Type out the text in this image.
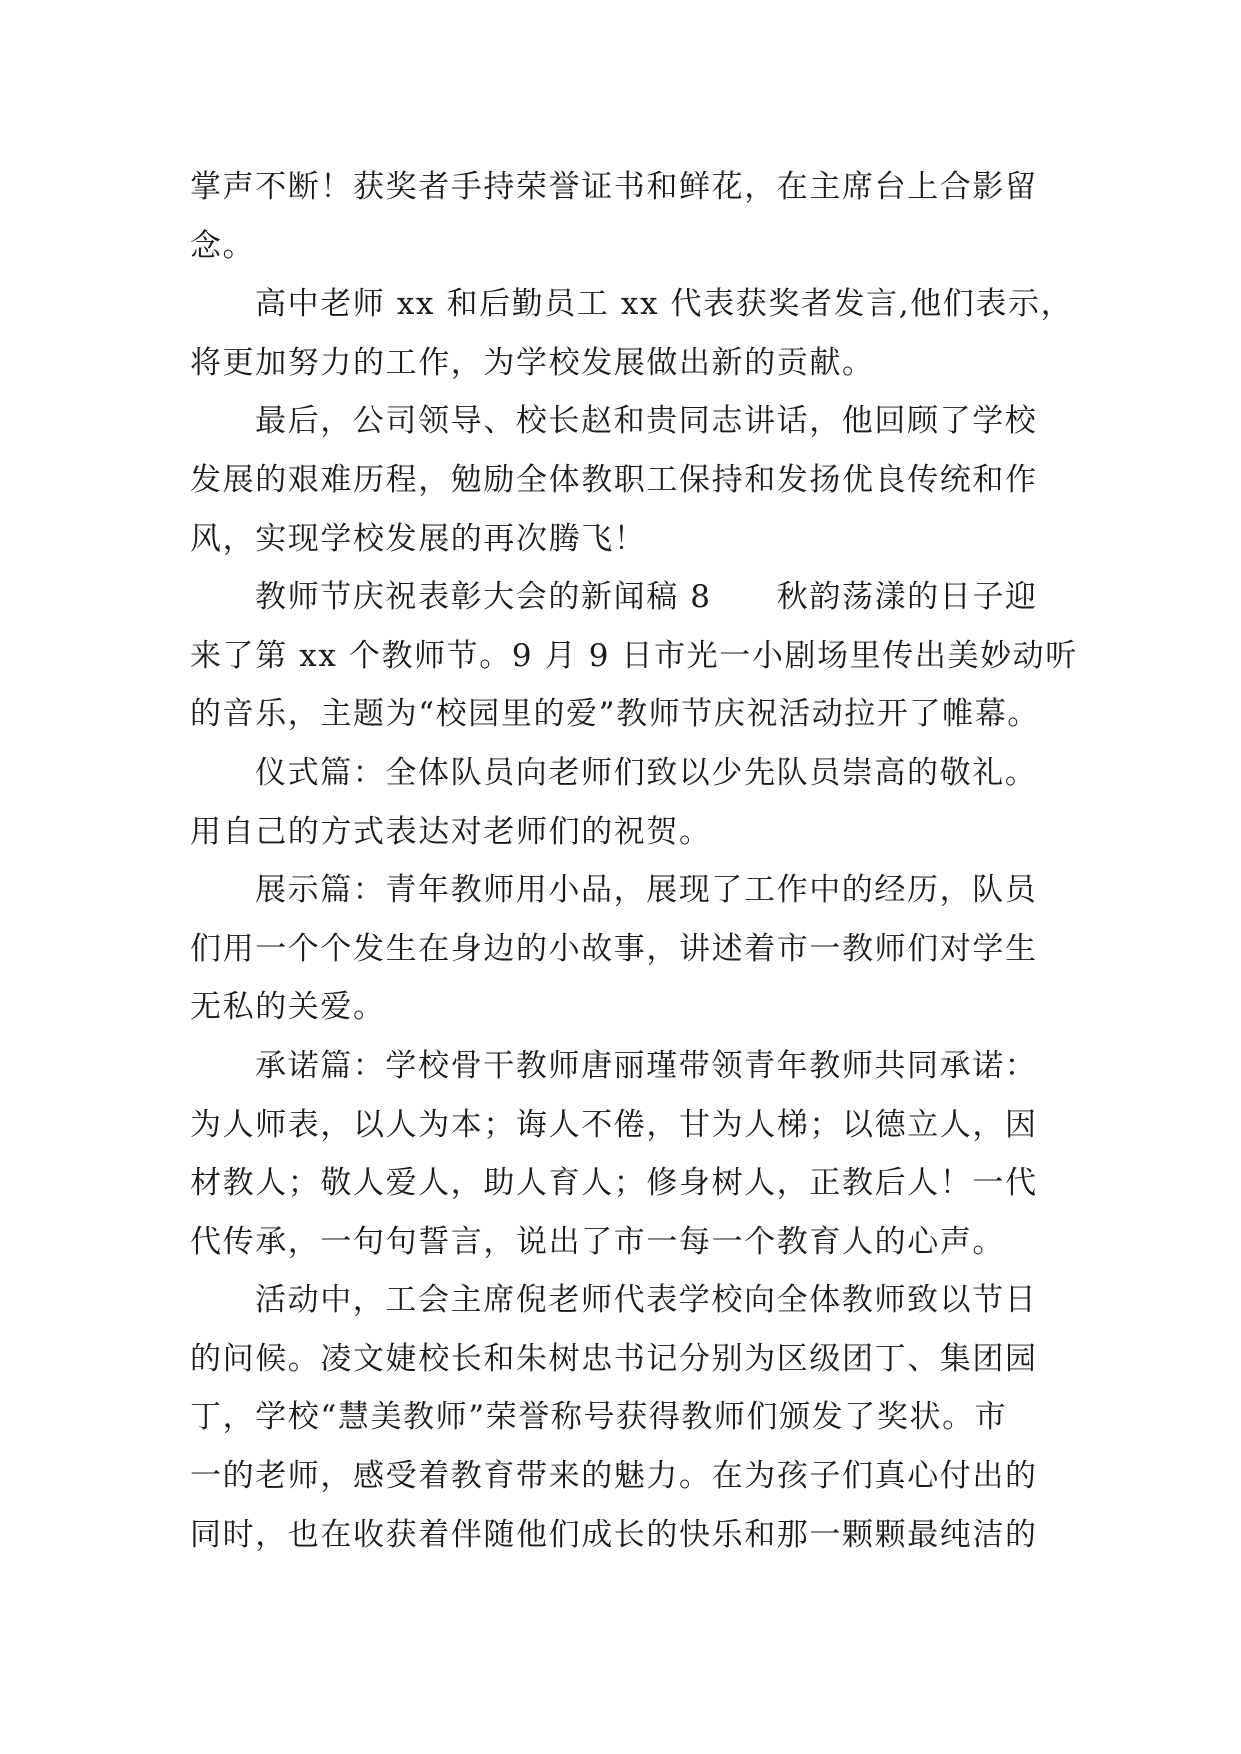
掌声不断！获奖者手持荣誉证书和鲜花，在主席台上合影留
念。

高中老师 xx 和后勤员工 xx 代表获奖者发言,他们表示，
将更加努力的工作，为学校发展做出新的贡献。

最后，公司领导、校长赵和贵同志讲话，他回顾了学校
发展的艰难历程，勉励全体教职工保持和发扬优良传统和作
风，实现学校发展的再次腾飞！

教师节庆祝表彰大会的新闻稿 8　　秋韵荡漾的日子迎
来了第 xx 个教师节。9 月 9 日市光一小剧场里传出美妙动听
的音乐，主题为“校园里的爱”教师节庆祝活动拉开了帷幕。

仪式篇：全体队员向老师们致以少先队员崇高的敬礼。
用自己的方式表达对老师们的祝贺。

展示篇：青年教师用小品，展现了工作中的经历，队员
们用一个个发生在身边的小故事，讲述着市一教师们对学生
无私的关爱。

承诺篇：学校骨干教师唐丽瑾带领青年教师共同承诺：
为人师表，以人为本；诲人不倦，甘为人梯；以德立人，因
材教人；敬人爱人，助人育人；修身树人，正教后人！一代
代传承，一句句誓言，说出了市一每一个教育人的心声。

活动中，工会主席倪老师代表学校向全体教师致以节日
的问候。凌文婕校长和朱树忠书记分别为区级团丁、集团园
丁，学校“慧美教师”荣誉称号获得教师们颁发了奖状。市
一的老师，感受着教育带来的魅力。在为孩子们真心付出的
同时，也在收获着伴随他们成长的快乐和那一颗颗最纯洁的
